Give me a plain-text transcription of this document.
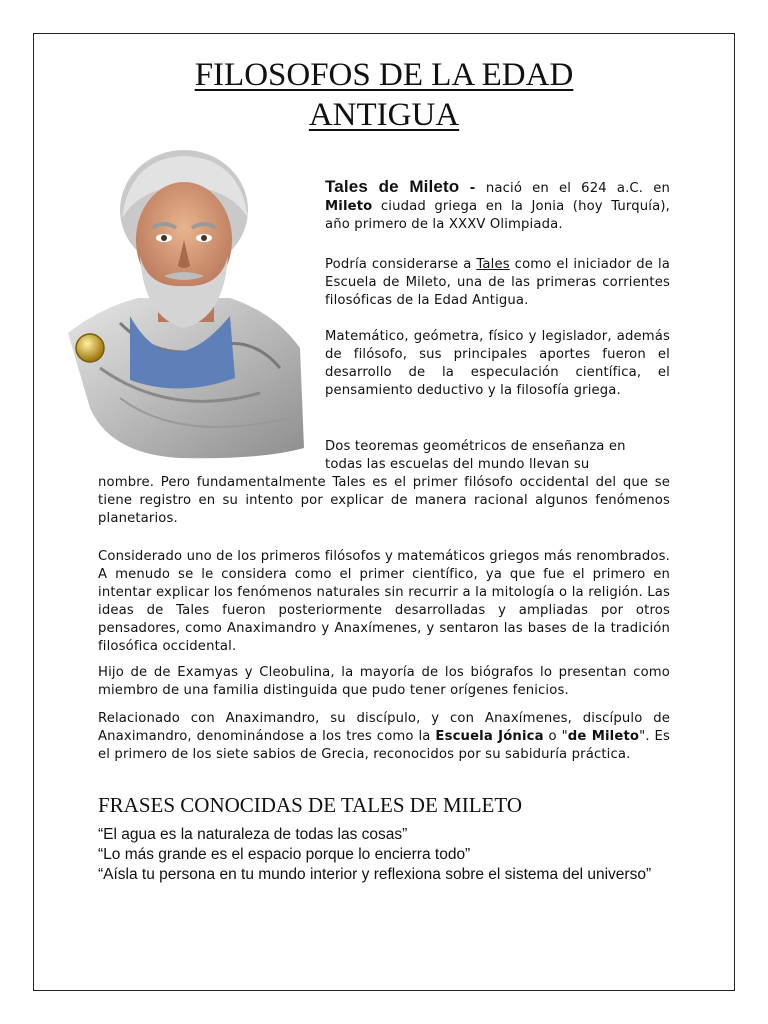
FILOSOFOS DE LA EDAD
ANTIGUA

Tales de Mileto - nació en el 624 a.C. en Mileto ciudad griega en la Jonia (hoy Turquía), año primero de la XXXV Olimpiada.

Podría considerarse a Tales como el iniciador de la Escuela de Mileto, una de las primeras corrientes filosóficas de la Edad Antigua.

Matemático, geómetra, físico y legislador, además de filósofo, sus principales aportes fueron el desarrollo de la especulación científica, el pensamiento deductivo y la filosofía griega.

Dos teoremas geométricos de enseñanza en

todas las escuelas del mundo llevan su

nombre. Pero fundamentalmente Tales es el primer filósofo occidental del que se tiene registro en su intento por explicar de manera racional algunos fenómenos planetarios.

Considerado uno de los primeros filósofos y matemáticos griegos más renombrados. A menudo se le considera como el primer científico, ya que fue el primero en intentar explicar los fenómenos naturales sin recurrir a la mitología o la religión. Las ideas de Tales fueron posteriormente desarrolladas y ampliadas por otros pensadores, como Anaximandro y Anaxímenes, y sentaron las bases de la tradición filosófica occidental.

Hijo de de Examyas y Cleobulina, la mayoría de los biógrafos lo presentan como miembro de una familia distinguida que pudo tener orígenes fenicios.

Relacionado con Anaximandro, su discípulo, y con Anaxímenes, discípulo de Anaximandro, denominándose a los tres como la Escuela Jónica o "de Mileto". Es el primero de los siete sabios de Grecia, reconocidos por su sabiduría práctica.

FRASES CONOCIDAS DE TALES DE MILETO

“El agua es la naturaleza de todas las cosas”

“Lo más grande es el espacio porque lo encierra todo”

“Aísla tu persona en tu mundo interior y reflexiona sobre el sistema del universo”
